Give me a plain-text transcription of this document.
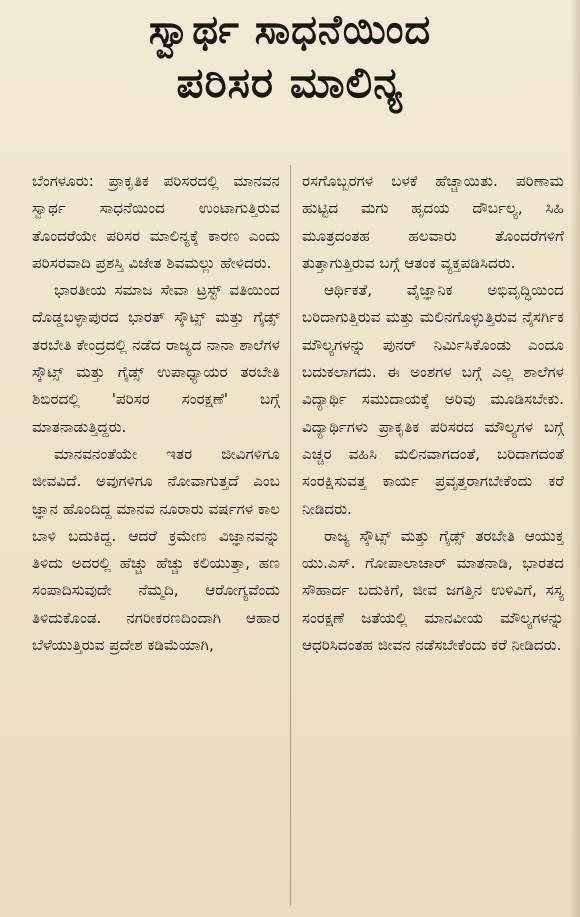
ಸ್ವಾರ್ಥ ಸಾಧನೆಯಿಂದ
ಪರಿಸರ ಮಾಲಿನ್ಯ

ಬೆಂಗಳೂರು: ಪ್ರಾಕೃತಿಕ ಪರಿಸರದಲ್ಲಿ ಮಾನವನ ಸ್ವಾರ್ಥ ಸಾಧನೆಯಿಂದ ಉಂಟಾಗುತ್ತಿರುವ ತೊಂದರೆಯೇ ಪರಿಸರ ಮಾಲಿನ್ಯಕ್ಕೆ ಕಾರಣ ಎಂದು ಪರಿಸರವಾದಿ ಪ್ರಶಸ್ತಿ ವಿಜೇತ ಶಿವಮಲ್ಲು ಹೇಳಿದರು.

ಭಾರತೀಯ ಸಮಾಜ ಸೇವಾ ಟ್ರಸ್ಟ್ ವತಿಯಿಂದ ದೊಡ್ಡಬಳ್ಳಾಪುರದ ಭಾರತ್ ಸ್ಕೌಟ್ಸ್ ಮತ್ತು ಗೈಡ್ಸ್ ತರಬೇತಿ ಕೇಂದ್ರದಲ್ಲಿ ನಡೆದ ರಾಜ್ಯದ ನಾನಾ ಶಾಲೆಗಳ ಸ್ಕೌಟ್ಸ್ ಮತ್ತು ಗೈಡ್ಸ್ ಉಪಾಧ್ಯಾಯರ ತರಬೇತಿ ಶಿಬಿರದಲ್ಲಿ 'ಪರಿಸರ ಸಂರಕ್ಷಣೆ' ಬಗ್ಗೆ ಮಾತನಾಡುತ್ತಿದ್ದರು.

ಮಾನವನಂತೆಯೇ ಇತರ ಜೀವಿಗಳಿಗೂ ಜೀವವಿದೆ. ಅವುಗಳಿಗೂ ನೋವಾಗುತ್ತದೆ ಎಂಬ ಜ್ಞಾನ ಹೊಂದಿದ್ದ ಮಾನವ ನೂರಾರು ವರ್ಷಗಳ ಕಾಲ ಬಾಳಿ ಬದುಕಿದ್ದ. ಆದರೆ ಕ್ರಮೇಣ ವಿಜ್ಞಾನವನ್ನು ತಿಳಿದು ಅದರಲ್ಲಿ ಹೆಚ್ಚು ಹೆಚ್ಚು ಕಲಿಯುತ್ತಾ, ಹಣ ಸಂಪಾದಿಸುವುದೇ ನೆಮ್ಮದಿ, ಆರೋಗ್ಯವೆಂದು ತಿಳಿದುಕೊಂಡ. ನಗರೀಕರಣದಿಂದಾಗಿ ಆಹಾರ ಬೆಳೆಯುತ್ತಿರುವ ಪ್ರದೇಶ ಕಡಿಮೆಯಾಗಿ,

ರಸಗೊಬ್ಬರಗಳ ಬಳಕೆ ಹೆಚ್ಚಾಯಿತು. ಪರಿಣಾಮ ಹುಟ್ಟಿದ ಮಗು ಹೃದಯ ದೌರ್ಬಲ್ಯ, ಸಿಹಿ ಮೂತ್ರದಂತಹ ಹಲವಾರು ತೊಂದರೆಗಳಿಗೆ ತುತ್ತಾಗುತ್ತಿರುವ ಬಗ್ಗೆ ಆತಂಕ ವ್ಯಕ್ತಪಡಿಸಿದರು.

ಆರ್ಥಿಕತೆ, ವೈಜ್ಞಾನಿಕ ಅಭಿವೃದ್ಧಿಯಿಂದ ಬರಿದಾಗುತ್ತಿರುವ ಮತ್ತು ಮಲಿನಗೊಳ್ಳುತ್ತಿರುವ ನೈಸರ್ಗಿಕ ಮೌಲ್ಯಗಳನ್ನು ಪುನರ್ ನಿರ್ಮಿಸಿಕೊಂಡು ಎಂದೂ ಬದುಕಲಾಗದು. ಈ ಅಂಶಗಳ ಬಗ್ಗೆ ಎಲ್ಲ ಶಾಲೆಗಳ ವಿದ್ಯಾರ್ಥಿ ಸಮುದಾಯಕ್ಕೆ ಅರಿವು ಮೂಡಿಸಬೇಕು. ವಿದ್ಯಾರ್ಥಿಗಳು ಪ್ರಾಕೃತಿಕ ಪರಿಸರದ ಮೌಲ್ಯಗಳ ಬಗ್ಗೆ ಎಚ್ಚರ ವಹಿಸಿ ಮಲಿನವಾಗದಂತೆ, ಬರಿದಾಗದಂತೆ ಸಂರಕ್ಷಿಸುವತ್ತ ಕಾರ್ಯ ಪ್ರವೃತ್ತರಾಗಬೇಕೆಂದು ಕರೆ ನೀಡಿದರು.

ರಾಜ್ಯ ಸ್ಕೌಟ್ಸ್ ಮತ್ತು ಗೈಡ್ಸ್ ತರಬೇತಿ ಆಯುಕ್ತ ಯು.ಎಸ್. ಗೋಪಾಲಾಚಾರ್ ಮಾತನಾಡಿ, ಭಾರತದ ಸೌಹಾರ್ದ ಬದುಕಿಗೆ, ಜೀವ ಜಗತ್ತಿನ ಉಳಿವಿಗೆ, ಸಸ್ಯ ಸಂರಕ್ಷಣೆ ಜತೆಯಲ್ಲಿ ಮಾನವೀಯ ಮೌಲ್ಯಗಳನ್ನು ಆಧರಿಸಿದಂತಹ ಜೀವನ ನಡೆಸಬೇಕೆಂದು ಕರೆ ನೀಡಿದರು.
